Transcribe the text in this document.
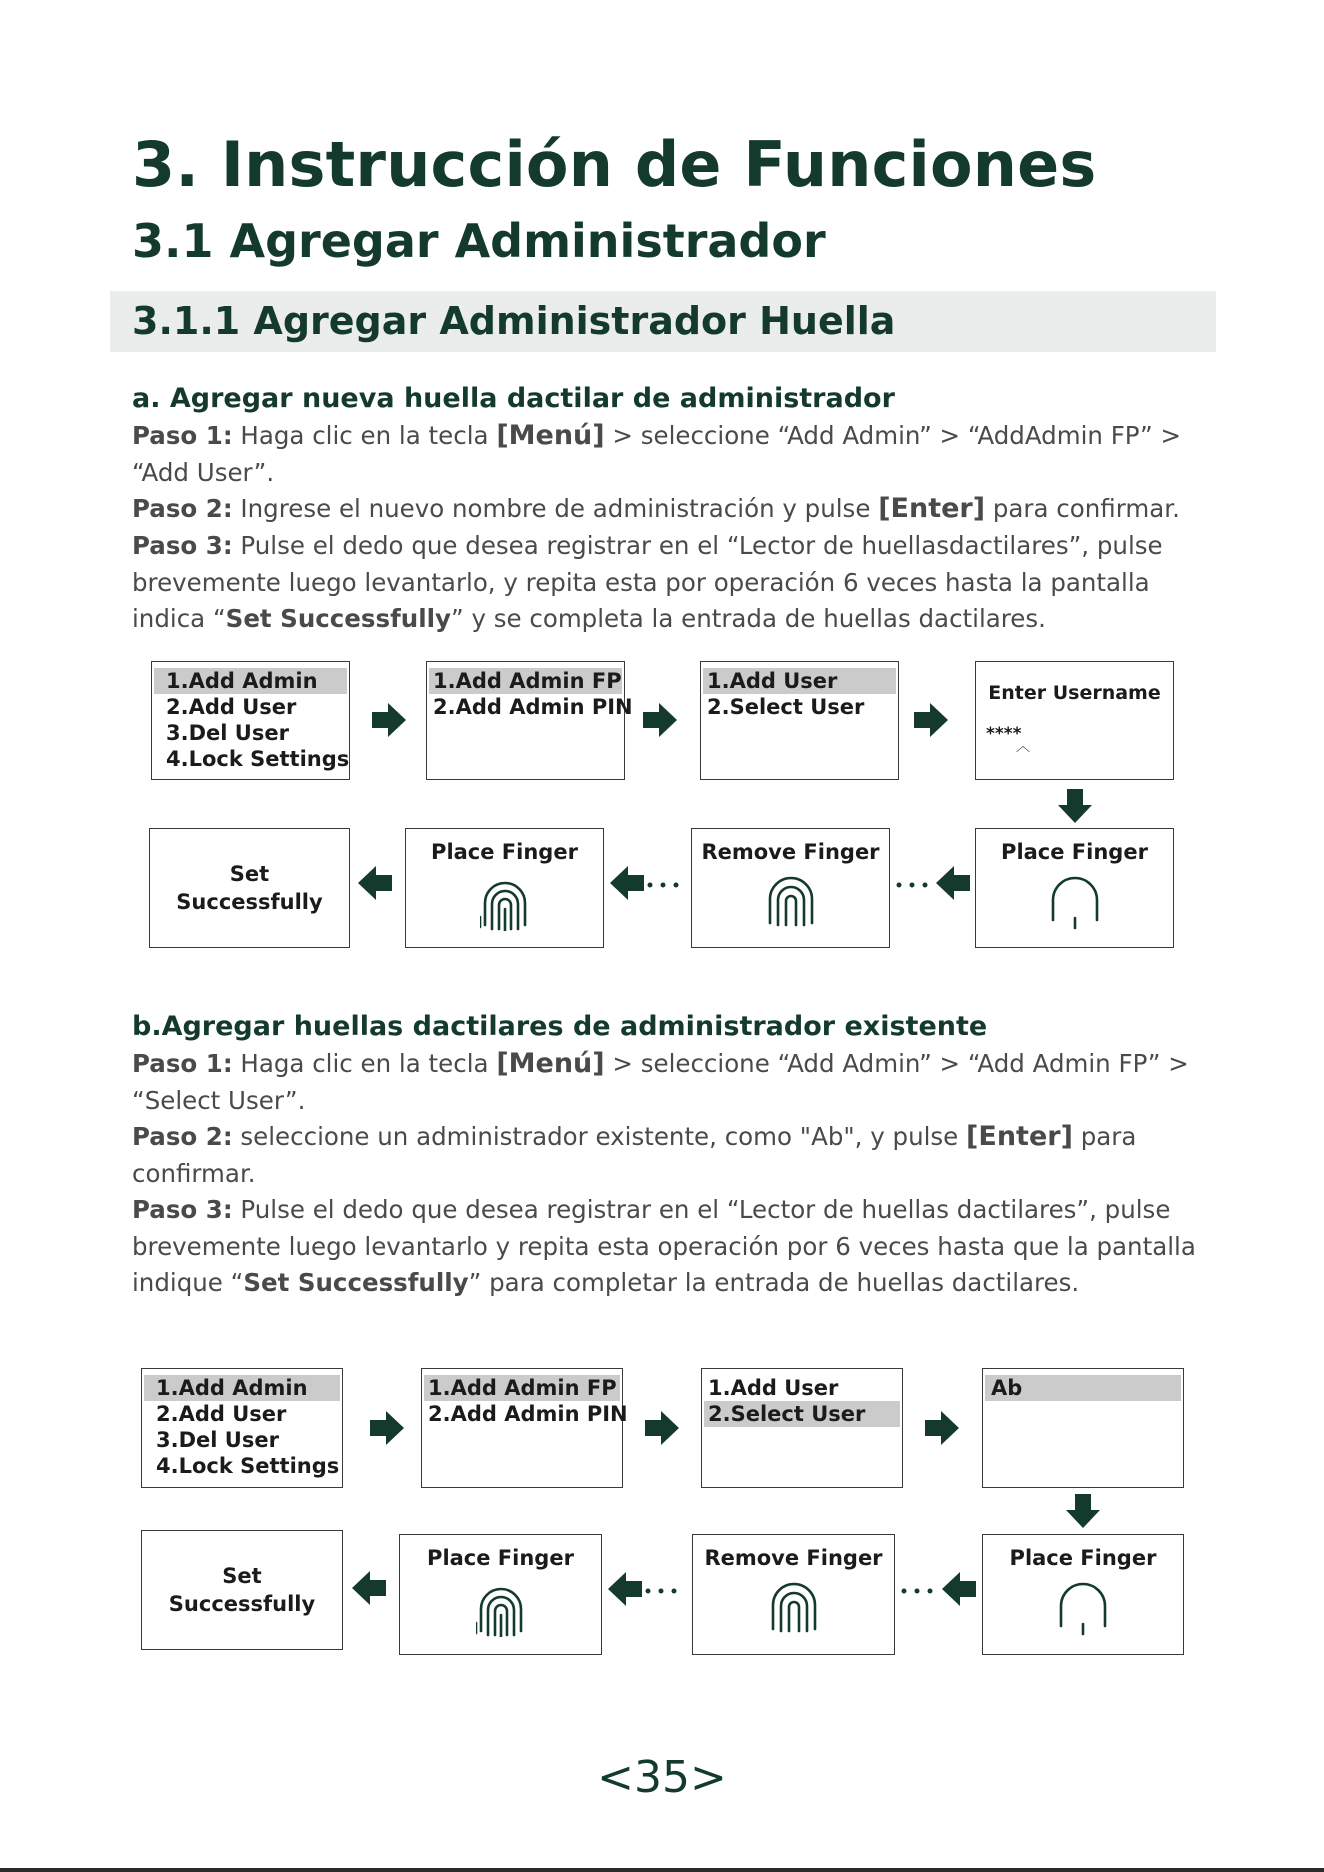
3. Instrucción de Funciones
3.1 Agregar Administrador
3.1.1 Agregar Administrador Huella
a. Agregar nueva huella dactilar de administrador

Paso 1: Haga clic en la tecla [Menú] > seleccione “Add Admin” > “AddAdmin FP” > “Add User”.

Paso 2: Ingrese el nuevo nombre de administración y pulse [Enter] para confirmar.

Paso 3: Pulse el dedo que desea registrar en el “Lector de huellasdactilares”, pulse brevemente luego levantarlo, y repita esta por operación 6 veces hasta la pantalla indica “Set Successfully” y se completa la entrada de huellas dactilares.

1.Add Admin
2.Add User
3.Del User
4.Lock Settings
1.Add Admin FP
2.Add Admin PIN
1.Add User
2.Select User
Enter Username
****
︿
Set
Successfully
Place Finger	Remove Finger	Place Finger
b.Agregar huellas dactilares de administrador existente

Paso 1: Haga clic en la tecla [Menú] > seleccione “Add Admin” > “Add Admin FP” > “Select User”.

Paso 2: seleccione un administrador existente, como "Ab", y pulse [Enter] para confirmar.

Paso 3: Pulse el dedo que desea registrar en el “Lector de huellas dactilares”, pulse brevemente luego levantarlo y repita esta operación por 6 veces hasta que la pantalla indique “Set Successfully” para completar la entrada de huellas dactilares.

1.Add Admin
2.Add User
3.Del User
4.Lock Settings
1.Add Admin FP
2.Add Admin PIN
1.Add User
2.Select User
Ab
Set
Successfully
Place Finger	Remove Finger	Place Finger
<35>
